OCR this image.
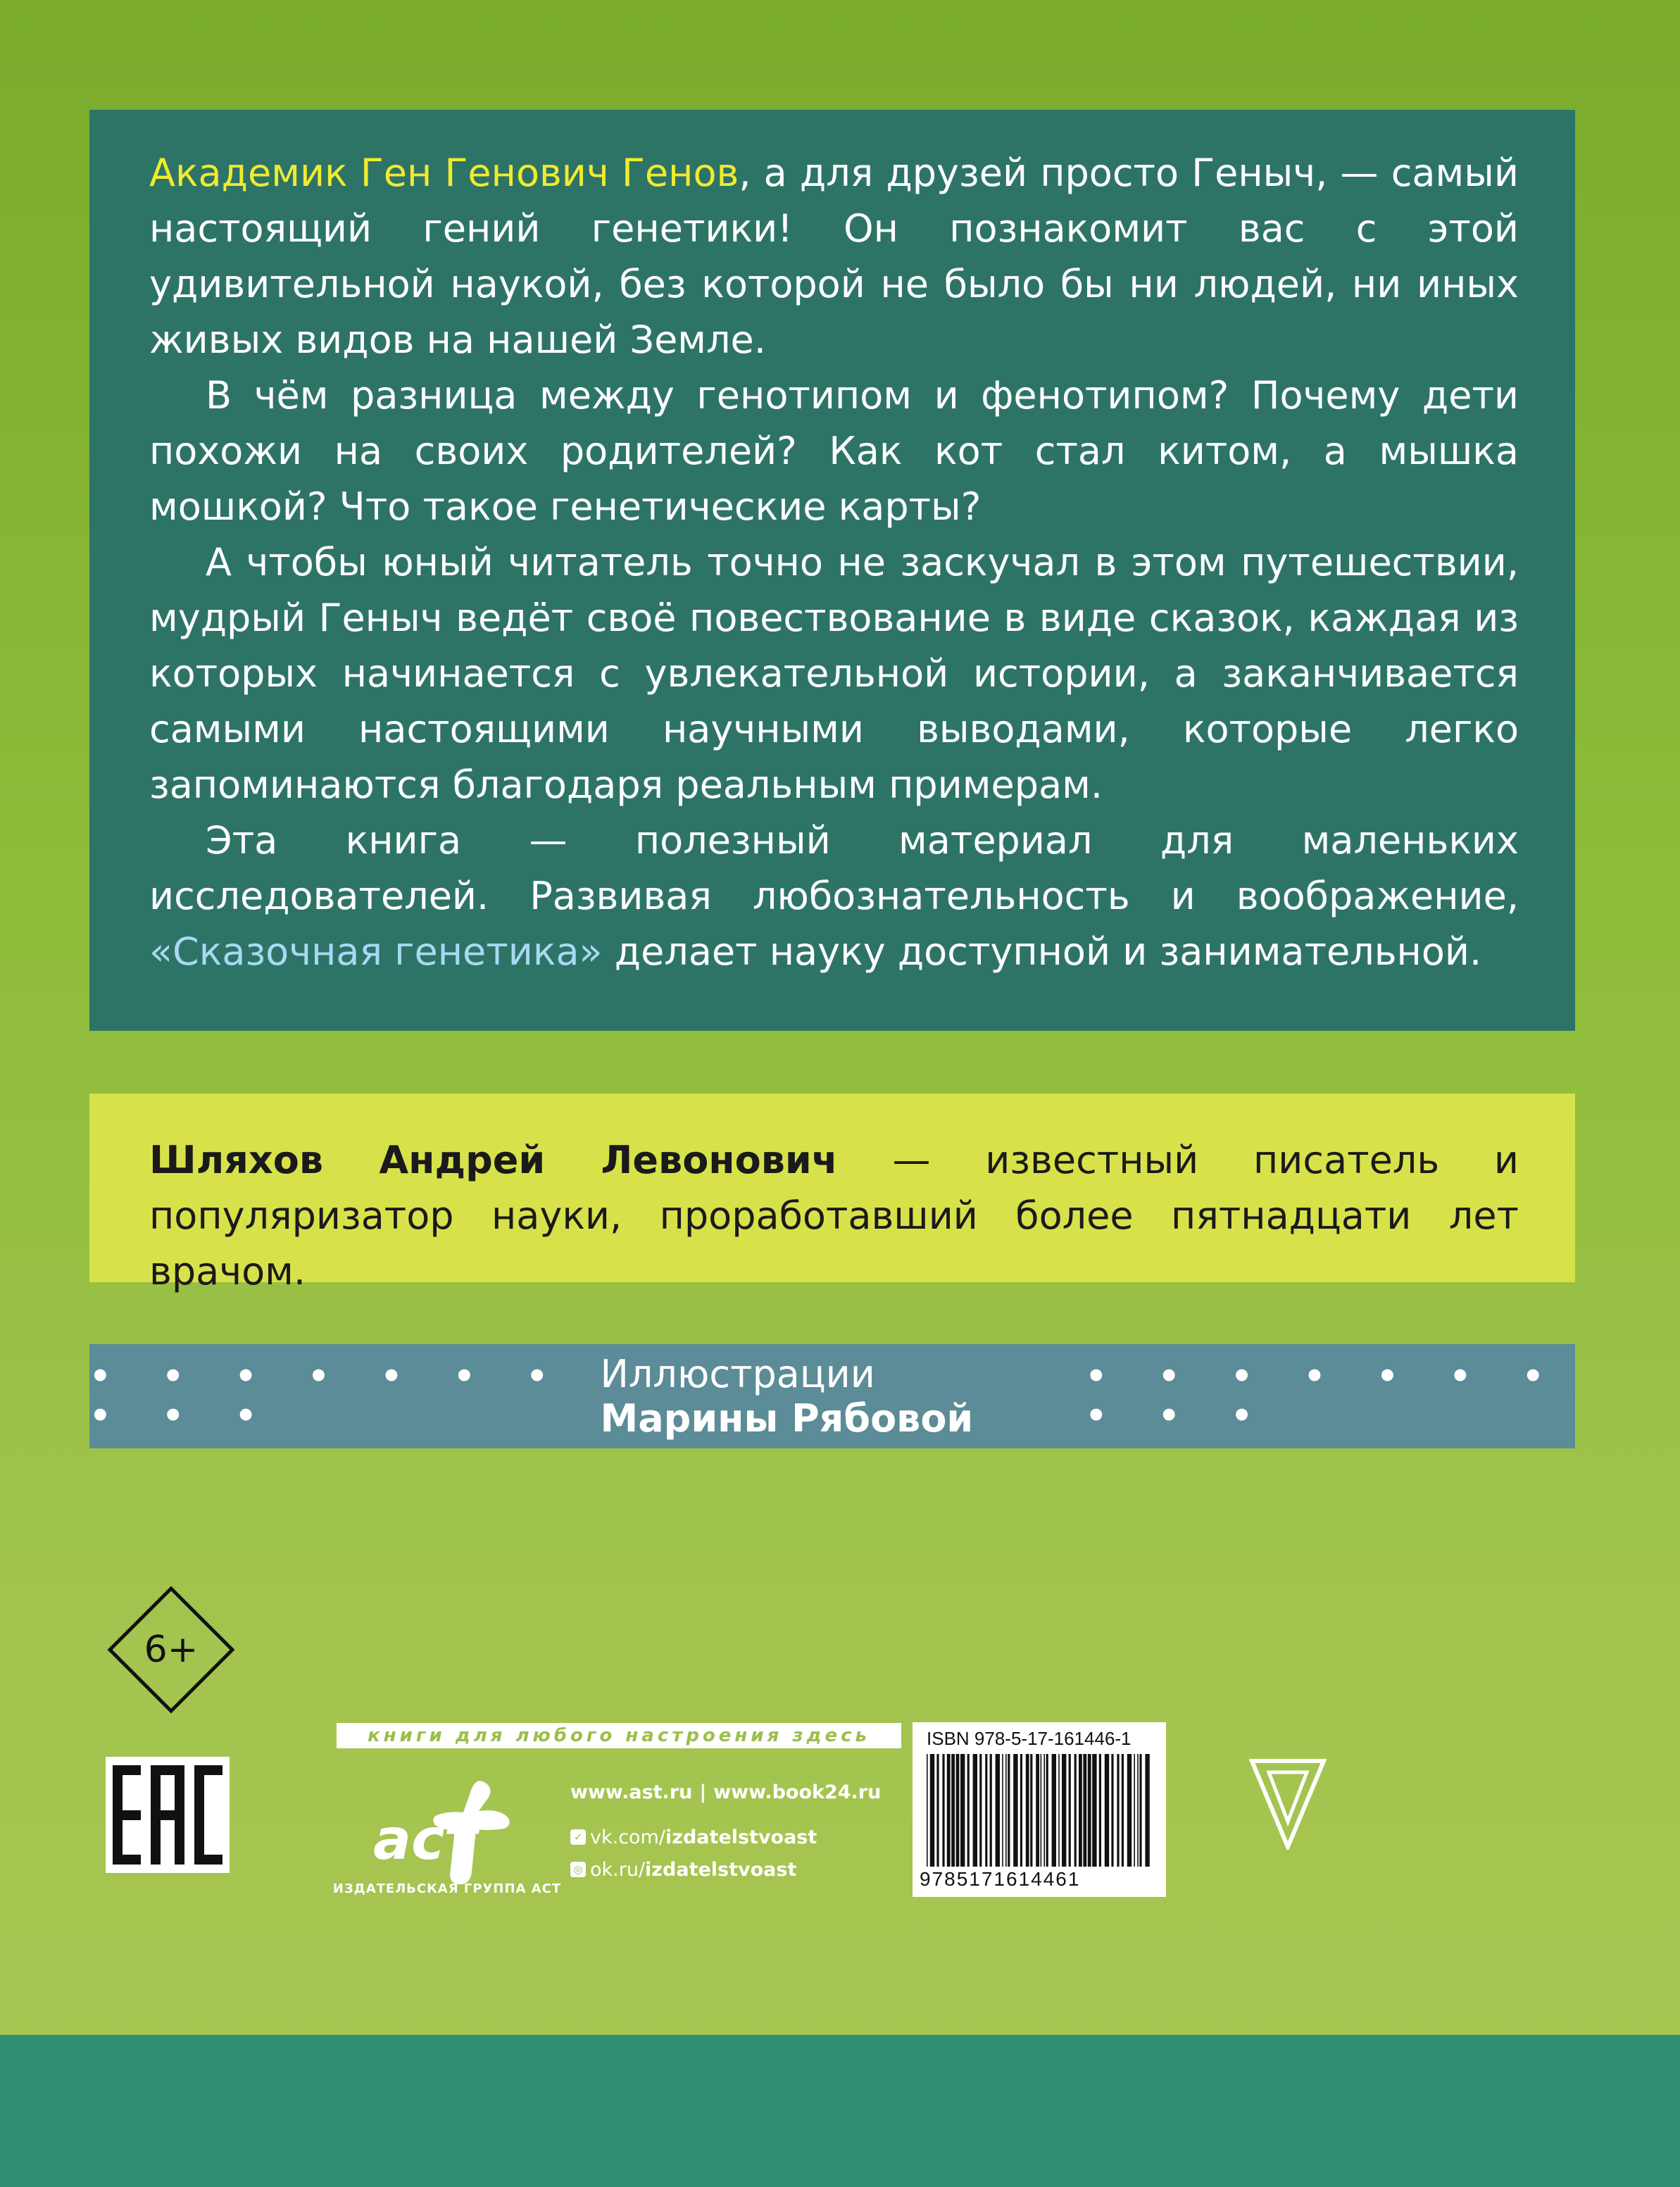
Академик Ген Генович Генов, а для друзей просто Геныч, — самый настоящий гений генетики! Он познакомит вас с этой удивительной наукой, без которой не было бы ни людей, ни иных живых видов на нашей Земле.

В чём разница между генотипом и фенотипом? Почему дети похожи на своих родителей? Как кот стал китом, а мышка мошкой? Что такое генетические карты?

А чтобы юный читатель точно не заскучал в этом путешествии, мудрый Геныч ведёт своё повествование в виде сказок, каждая из которых начинается с увлекательной истории, а заканчивается самыми настоящими научными выводами, которые легко запоминаются благодаря реальным примерам.

Эта книга — полезный материал для маленьких исследователей. Развивая любознательность и воображение, «Сказочная генетика» делает науку доступной и занимательной.

Шляхов Андрей Левонович — известный писатель и популяризатор науки, проработавший более пятнадцати лет врачом.

• • • • • • • • • •
Иллюстрации Марины Рябовой
• • • • • • • • • •
6+
книги для любого настроения здесь
аст
ИЗДАТЕЛЬСКАЯ ГРУППА АСТ
www.ast.ru | www.book24.ru
✓ vk.com/ izdatelstvoast
◎ ok.ru/ izdatelstvoast
ISBN 978-5-17-161446-1
9785171614461
